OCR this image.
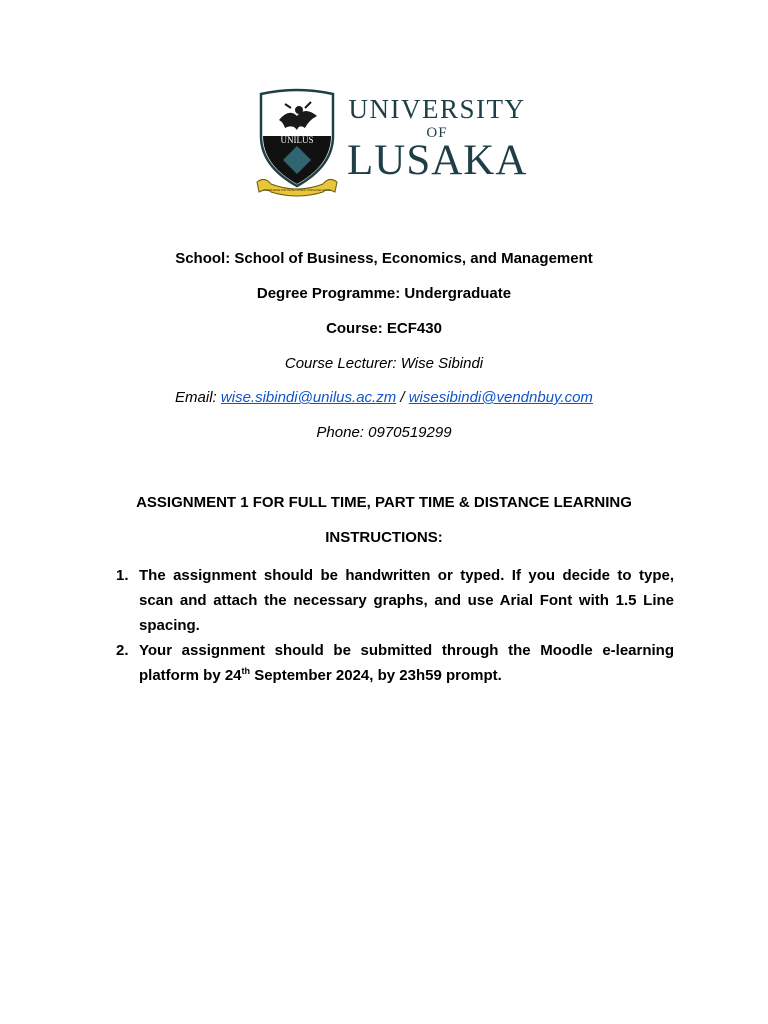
UNILUS
KNOWLEDGE FOR DEVELOPMENT AND EXCELLENCE
UNIVERSITY
OF
LUSAKA
School: School of Business, Economics, and Management
Degree Programme: Undergraduate
Course: ECF430
Course Lecturer: Wise Sibindi
Email: wise.sibindi@unilus.ac.zm / wisesibindi@vendnbuy.com
Phone: 0970519299
ASSIGNMENT 1 FOR FULL TIME, PART TIME & DISTANCE LEARNING
INSTRUCTIONS:
1. The assignment should be handwritten or typed. If you decide to type, scan and attach the necessary graphs, and use Arial Font with 1.5 Line spacing.
2. Your assignment should be submitted through the Moodle e-learning platform by 24th September 2024, by 23h59 prompt.
